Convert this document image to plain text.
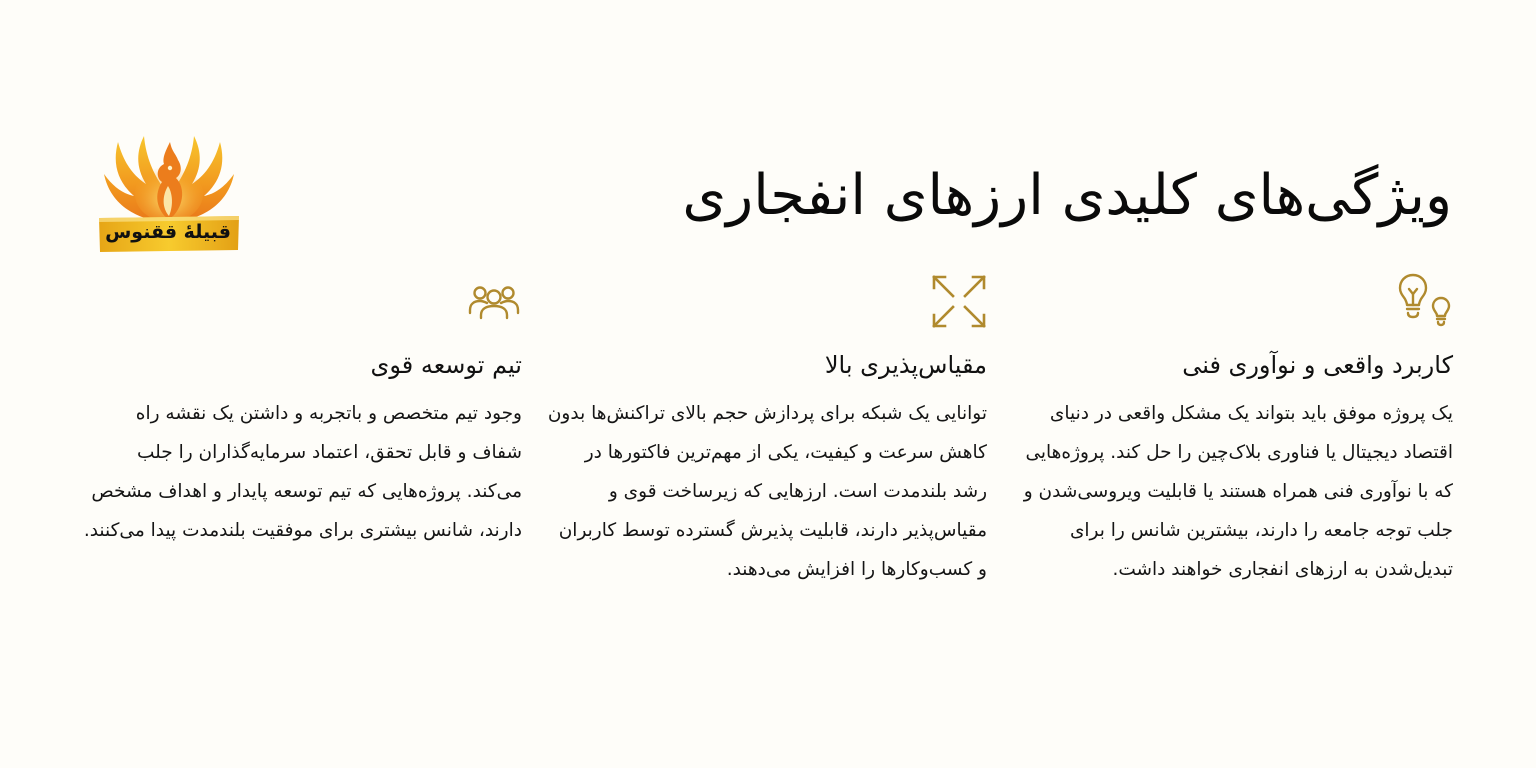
ویژگی‌های کلیدی ارزهای انفجاری
قبیلهٔ ققنوس
کاربرد واقعی و نوآوری فنی

یک پروژه موفق باید بتواند یک مشکل واقعی در دنیای اقتصاد دیجیتال یا فناوری بلاک‌چین را حل کند. پروژه‌هایی که با نوآوری فنی همراه هستند یا قابلیت ویروسی‌شدن و جلب توجه جامعه را دارند، بیشترین شانس را برای تبدیل‌شدن به ارزهای انفجاری خواهند داشت.

مقیاس‌پذیری بالا

توانایی یک شبکه برای پردازش حجم بالای تراکنش‌ها بدون کاهش سرعت و کیفیت، یکی از مهم‌ترین فاکتورها در رشد بلندمدت است. ارزهایی که زیرساخت قوی و مقیاس‌پذیر دارند، قابلیت پذیرش گسترده توسط کاربران و کسب‌وکارها را افزایش می‌دهند.

تیم توسعه قوی

وجود تیم متخصص و باتجربه و داشتن یک نقشه راه شفاف و قابل تحقق، اعتماد سرمایه‌گذاران را جلب می‌کند. پروژه‌هایی که تیم توسعه پایدار و اهداف مشخص دارند، شانس بیشتری برای موفقیت بلندمدت پیدا می‌کنند.
